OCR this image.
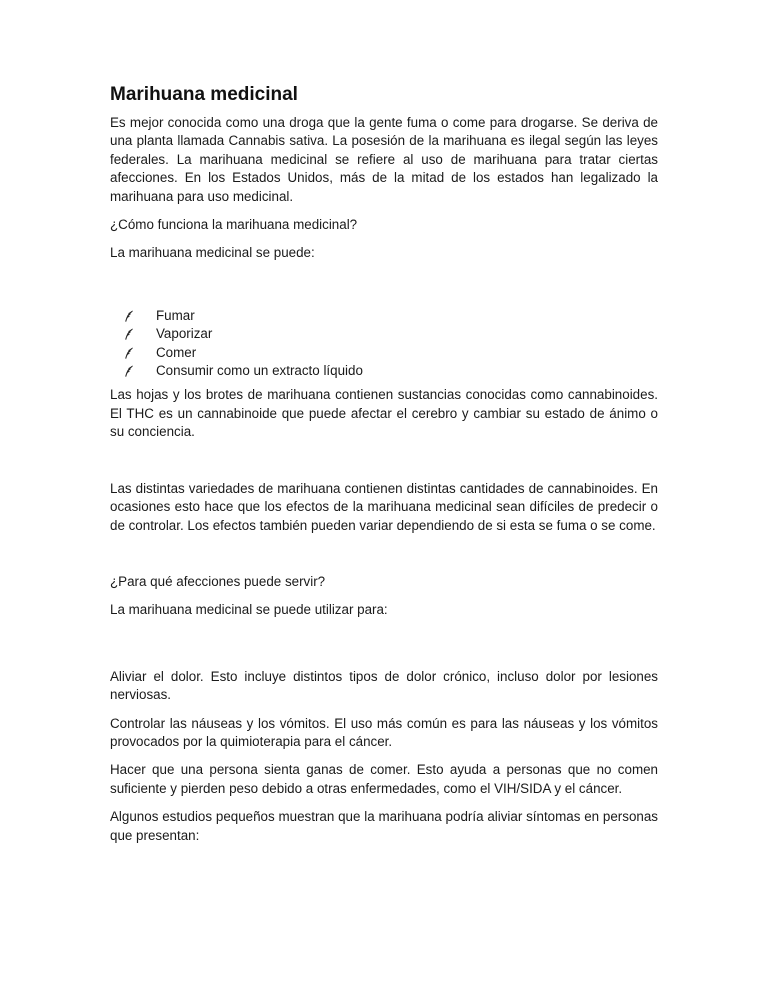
Marihuana medicinal

Es mejor conocida como una droga que la gente fuma o come para drogarse. Se deriva de una planta llamada Cannabis sativa. La posesión de la marihuana es ilegal según las leyes federales. La marihuana medicinal se refiere al uso de marihuana para tratar ciertas afecciones. En los Estados Unidos, más de la mitad de los estados han legalizado la marihuana para uso medicinal.

¿Cómo funciona la marihuana medicinal?

La marihuana medicinal se puede:

Fumar
Vaporizar
Comer
Consumir como un extracto líquido

Las hojas y los brotes de marihuana contienen sustancias conocidas como cannabinoides. El THC es un cannabinoide que puede afectar el cerebro y cambiar su estado de ánimo o su conciencia.

Las distintas variedades de marihuana contienen distintas cantidades de cannabinoides. En ocasiones esto hace que los efectos de la marihuana medicinal sean difíciles de predecir o de controlar. Los efectos también pueden variar dependiendo de si esta se fuma o se come.

¿Para qué afecciones puede servir?

La marihuana medicinal se puede utilizar para:

Aliviar el dolor. Esto incluye distintos tipos de dolor crónico, incluso dolor por lesiones nerviosas.

Controlar las náuseas y los vómitos. El uso más común es para las náuseas y los vómitos provocados por la quimioterapia para el cáncer.

Hacer que una persona sienta ganas de comer. Esto ayuda a personas que no comen suficiente y pierden peso debido a otras enfermedades, como el VIH/SIDA y el cáncer.

Algunos estudios pequeños muestran que la marihuana podría aliviar síntomas en personas que presentan:
